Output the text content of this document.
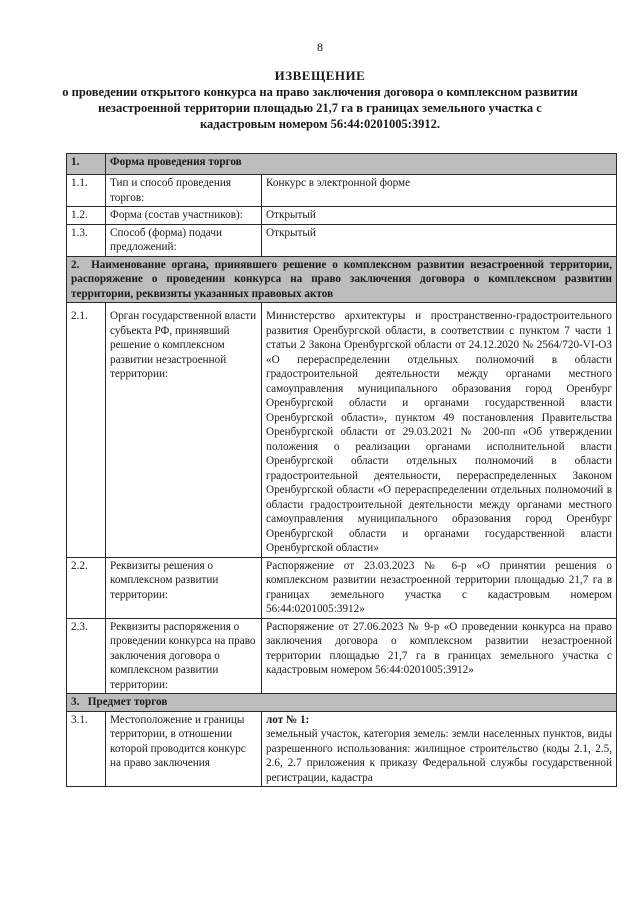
8
ИЗВЕЩЕНИЕ
о проведении открытого конкурса на право заключения договора о комплексном развитии незастроенной территории площадью 21,7 га в границах земельного участка с кадастровым номером 56:44:0201005:3912.
1.	Форма проведения торгов	
1.1.	Тип и способ проведения торгов:	Конкурс в электронной форме
1.2.	Форма (состав участников):	Открытый
1.3.	Способ (форма) подачи предложений:	Открытый
2. Наименование органа, принявшего решение о комплексном развитии незастроенной территории, распоряжение о проведении конкурса на право заключения договора о комплексном развитии территории, реквизиты указанных правовых актов		
2.1.	Орган государственной власти субъекта РФ, принявший решение о комплексном развитии незастроенной территории:	Министерство архитектуры и пространственно-градостроительного развития Оренбургской области, в соответствии с пунктом 7 части 1 статьи 2 Закона Оренбургской области от 24.12.2020 № 2564/720-VI-ОЗ «О перераспределении отдельных полномочий в области градостроительной деятельности между органами местного самоуправления муниципального образования город Оренбург Оренбургской области и органами государственной власти Оренбургской области», пунктом 49 постановления Правительства Оренбургской области от 29.03.2021 № 200-пп «Об утверждении положения о реализации органами исполнительной власти Оренбургской области отдельных полномочий в области градостроительной деятельности, перераспределенных Законом Оренбургской области «О перераспределении отдельных полномочий в области градостроительной деятельности между органами местного самоуправления муниципального образования город Оренбург Оренбургской области и органами государственной власти Оренбургской области»
2.2.	Реквизиты решения о комплексном развитии территории:	Распоряжение от 23.03.2023 № 6-р «О принятии решения о комплексном развитии незастроенной территории площадью 21,7 га в границах земельного участка с кадастровым номером 56:44:0201005:3912»
2.3.	Реквизиты распоряжения о проведении конкурса на право заключения договора о комплексном развитии территории:	Распоряжение от 27.06.2023 № 9-р «О проведении конкурса на право заключения договора о комплексном развитии незастроенной территории площадью 21,7 га в границах земельного участка с кадастровым номером 56:44:0201005:3912»
3. Предмет торгов		
3.1.	Местоположение и границы территории, в отношении которой проводится конкурс на право заключения	лот № 1:
земельный участок, категория земель: земли населенных пунктов, виды разрешенного использования: жилищное строительство (коды 2.1, 2.5, 2.6, 2.7 приложения к приказу Федеральной службы государственной регистрации, кадастра
